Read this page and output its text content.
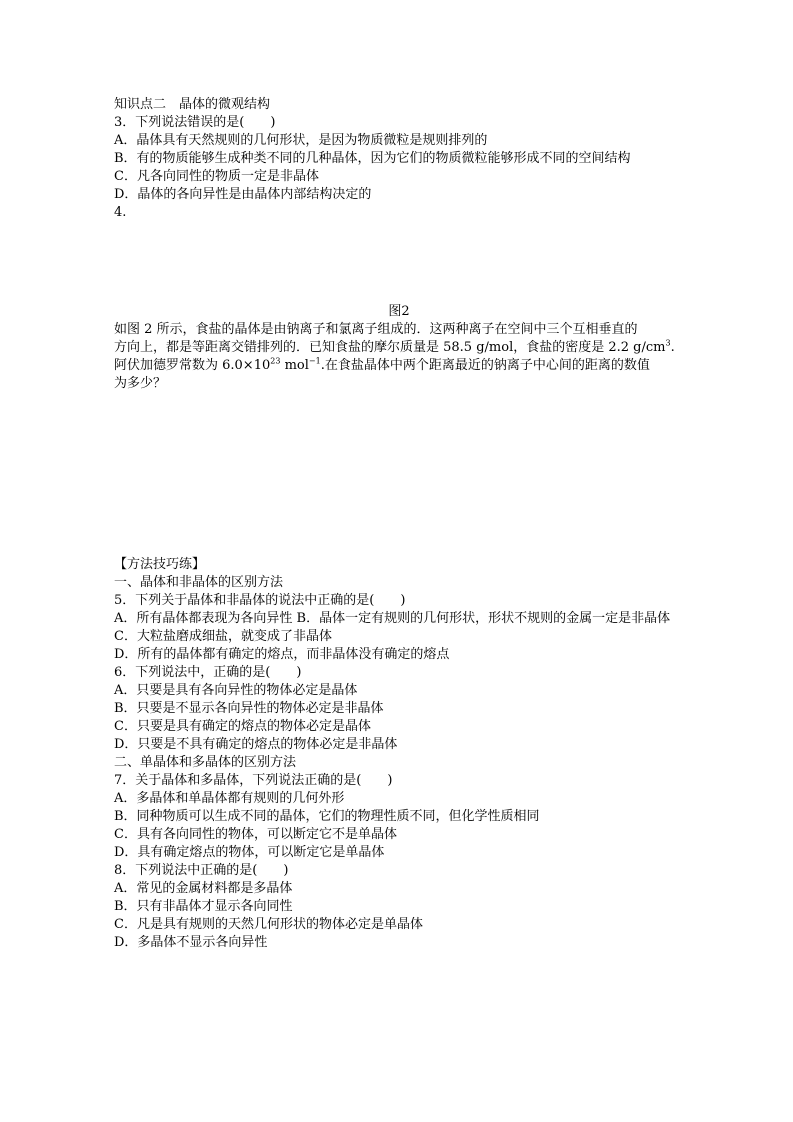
知识点二　晶体的微观结构
3．下列说法错误的是(　　)
A．晶体具有天然规则的几何形状，是因为物质微粒是规则排列的
B．有的物质能够生成种类不同的几种晶体，因为它们的物质微粒能够形成不同的空间结构
C．凡各向同性的物质一定是非晶体
D．晶体的各向异性是由晶体内部结构决定的
4.
图2
如图 2 所示，食盐的晶体是由钠离子和氯离子组成的．这两种离子在空间中三个互相垂直的
方向上，都是等距离交错排列的．已知食盐的摩尔质量是 58.5 g/mol，食盐的密度是 2.2 $g/cm^3$.
阿伏加德罗常数为 $6.0\times 10^{23}$ mol$^{-1}$.在食盐晶体中两个距离最近的钠离子中心间的距离的数值
为多少？
【方法技巧练】
一、晶体和非晶体的区别方法
5．下列关于晶体和非晶体的说法中正确的是(　　)
A．所有晶体都表现为各向异性 B．晶体一定有规则的几何形状，形状不规则的金属一定是非晶体
C．大粒盐磨成细盐，就变成了非晶体
D．所有的晶体都有确定的熔点，而非晶体没有确定的熔点
6．下列说法中，正确的是(　　)
A．只要是具有各向异性的物体必定是晶体
B．只要是不显示各向异性的物体必定是非晶体
C．只要是具有确定的熔点的物体必定是晶体
D．只要是不具有确定的熔点的物体必定是非晶体
二、单晶体和多晶体的区别方法
7．关于晶体和多晶体，下列说法正确的是(　　)
A．多晶体和单晶体都有规则的几何外形
B．同种物质可以生成不同的晶体，它们的物理性质不同，但化学性质相同
C．具有各向同性的物体，可以断定它不是单晶体
D．具有确定熔点的物体，可以断定它是单晶体
8．下列说法中正确的是(　　)
A．常见的金属材料都是多晶体
B．只有非晶体才显示各向同性
C．凡是具有规则的天然几何形状的物体必定是单晶体
D．多晶体不显示各向异性
